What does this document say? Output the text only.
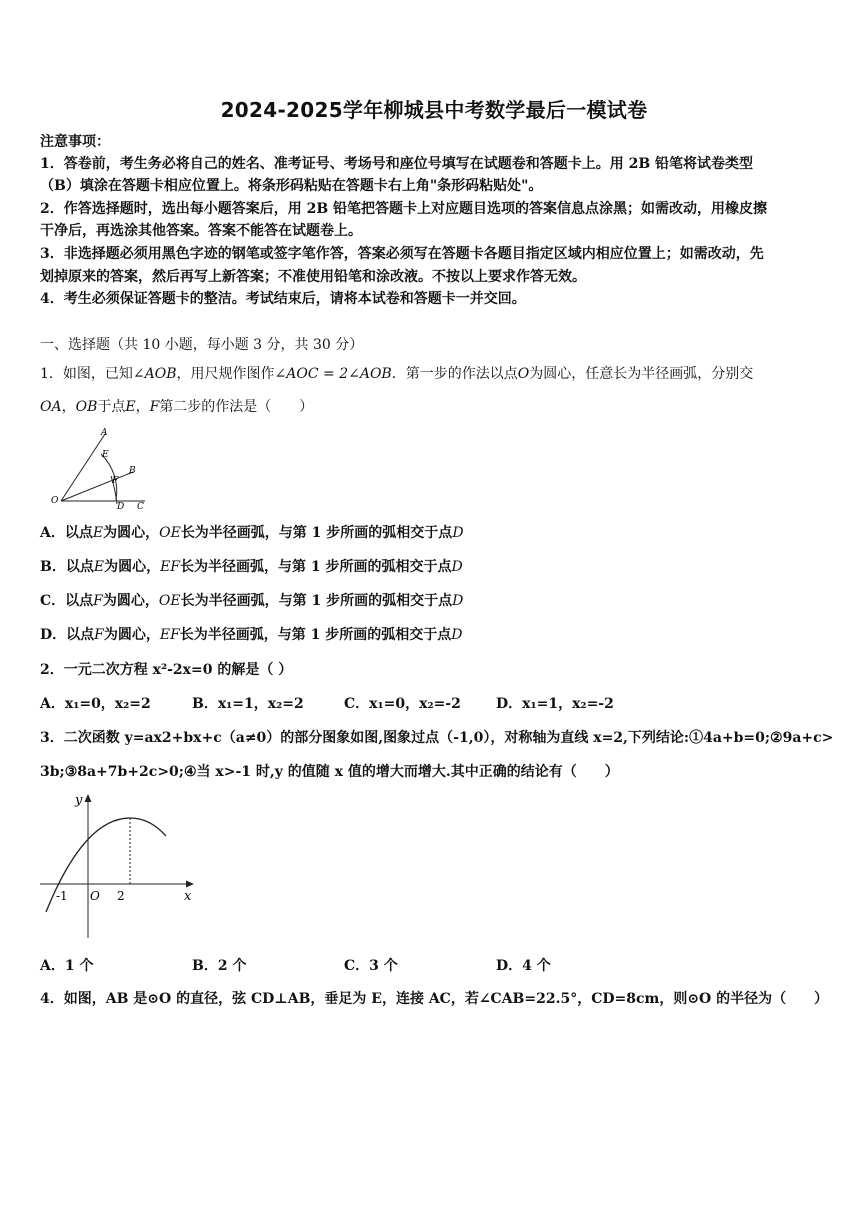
2024-2025学年柳城县中考数学最后一模试卷
注意事项：
1．答卷前，考生务必将自己的姓名、准考证号、考场号和座位号填写在试题卷和答题卡上。用 2B 铅笔将试卷类型
（B）填涂在答题卡相应位置上。将条形码粘贴在答题卡右上角"条形码粘贴处"。
2．作答选择题时，选出每小题答案后，用 2B 铅笔把答题卡上对应题目选项的答案信息点涂黑；如需改动，用橡皮擦
干净后，再选涂其他答案。答案不能答在试题卷上。
3．非选择题必须用黑色字迹的钢笔或签字笔作答，答案必须写在答题卡各题目指定区域内相应位置上；如需改动，先
划掉原来的答案，然后再写上新答案；不准使用铅笔和涂改液。不按以上要求作答无效。
4．考生必须保证答题卡的整洁。考试结束后，请将本试卷和答题卡一并交回。
一、选择题（共 10 小题，每小题 3 分，共 30 分）
1．如图，已知∠AOB，用尺规作图作∠AOC = 2∠AOB．第一步的作法以点O为圆心，任意长为半径画弧，分别交
OA，OB于点E，F第二步的作法是（　　）
A
E
B
F
O
D C
A．以点E为圆心，OE长为半径画弧，与第 1 步所画的弧相交于点D
B．以点E为圆心，EF长为半径画弧，与第 1 步所画的弧相交于点D
C．以点F为圆心，OE长为半径画弧，与第 1 步所画的弧相交于点D
D．以点F为圆心，EF长为半径画弧，与第 1 步所画的弧相交于点D
2．一元二次方程 x²-2x=0 的解是（ ）
A．x₁=0，x₂=2	B．x₁=1，x₂=2	C．x₁=0，x₂=-2	D．x₁=1，x₂=-2
3．二次函数 y=ax2+bx+c（a≠0）的部分图象如图,图象过点（-1,0），对称轴为直线 x=2,下列结论:①4a+b=0;②9a+c>
3b;③8a+7b+2c>0;④当 x>-1 时,y 的值随 x 值的增大而增大.其中正确的结论有（　　）
y
x
-1 O 2
A．1 个	B．2 个	C．3 个	D．4 个
4．如图，AB 是⊙O 的直径，弦 CD⊥AB，垂足为 E，连接 AC，若∠CAB=22.5°，CD=8cm，则⊙O 的半径为（　　）
